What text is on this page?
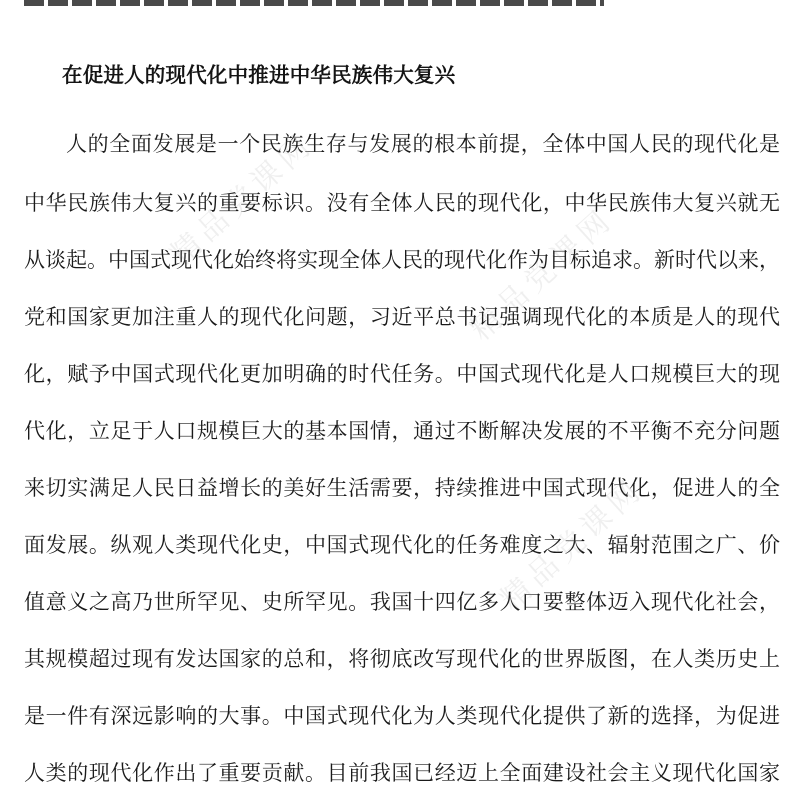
在促进人的现代化中推进中华民族伟大复兴
人的全面发展是一个民族生存与发展的根本前提，全体中国人民的现代化是
中华民族伟大复兴的重要标识。没有全体人民的现代化，中华民族伟大复兴就无
从谈起。中国式现代化始终将实现全体人民的现代化作为目标追求。新时代以来，
党和国家更加注重人的现代化问题，习近平总书记强调现代化的本质是人的现代
化，赋予中国式现代化更加明确的时代任务。中国式现代化是人口规模巨大的现
代化，立足于人口规模巨大的基本国情，通过不断解决发展的不平衡不充分问题
来切实满足人民日益增长的美好生活需要，持续推进中国式现代化，促进人的全
面发展。纵观人类现代化史，中国式现代化的任务难度之大、辐射范围之广、价
值意义之高乃世所罕见、史所罕见。我国十四亿多人口要整体迈入现代化社会，
其规模超过现有发达国家的总和，将彻底改写现代化的世界版图，在人类历史上
是一件有深远影响的大事。中国式现代化为人类现代化提供了新的选择，为促进
人类的现代化作出了重要贡献。目前我国已经迈上全面建设社会主义现代化国家
精品党课网
精品党课网
精品党课网
